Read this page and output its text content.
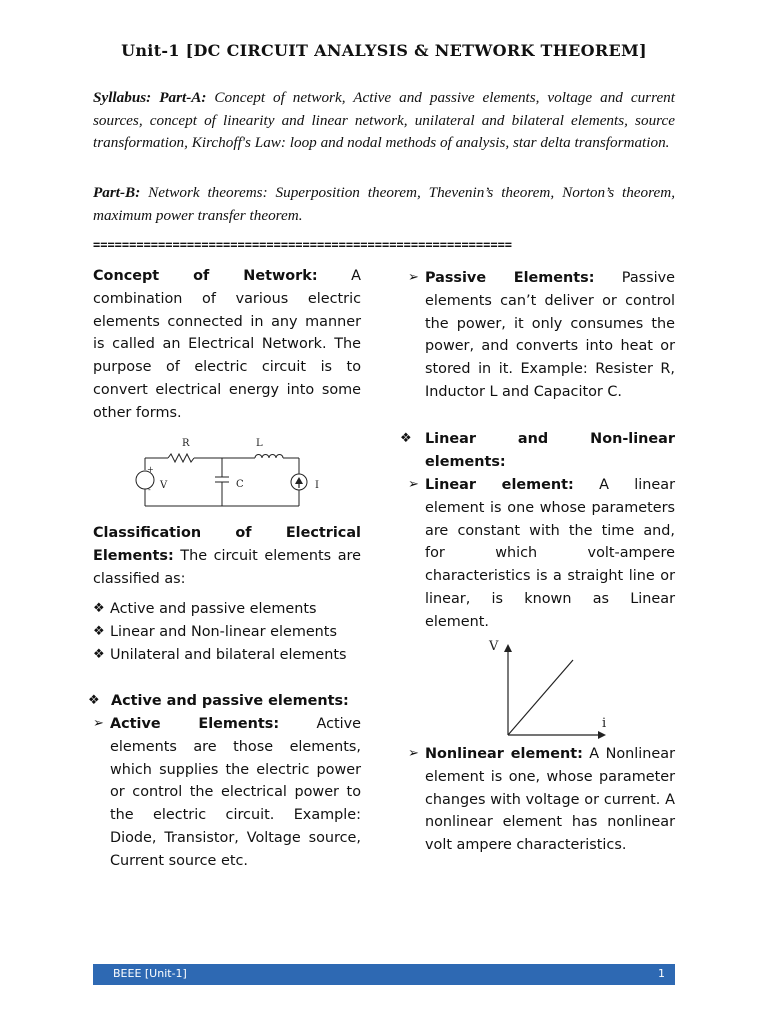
Unit-1 [DC CIRCUIT ANALYSIS & NETWORK THEOREM]
Syllabus: Part-A: Concept of network, Active and passive elements, voltage and current sources, concept of linearity and linear network, unilateral and bilateral elements, source transformation, Kirchoff's Law: loop and nodal methods of analysis, star delta transformation.
Part-B: Network theorems: Superposition theorem, Thevenin’s theorem, Norton’s theorem, maximum power transfer theorem.
==========================================================
Concept of Network: A combination of various electric elements connected in any manner is called an Electrical Network. The purpose of electric circuit is to convert electrical energy into some other forms.
R	L
C
V	I
+
-
Classification of Electrical Elements: The circuit elements are classified as:
❖ Active and passive elements
❖ Linear and Non-linear elements
❖ Unilateral and bilateral elements
❖ Active and passive elements:
➢ Active Elements: Active elements are those elements, which supplies the electric power or control the electrical power to the electric circuit. Example: Diode, Transistor, Voltage source, Current source etc.
➢ Passive Elements: Passive elements can’t deliver or control the power, it only consumes the power, and converts into heat or stored in it. Example: Resister R, Inductor L and Capacitor C.
❖ Linear and Non-linear elements:
➢ Linear element: A linear element is one whose parameters are constant with the time and, for which volt-ampere characteristics is a straight line or linear, is known as Linear element.
V
i
➢ Nonlinear element: A Nonlinear element is one, whose parameter changes with voltage or current. A nonlinear element has nonlinear volt ampere characteristics.
BEEE [Unit-1]	1
